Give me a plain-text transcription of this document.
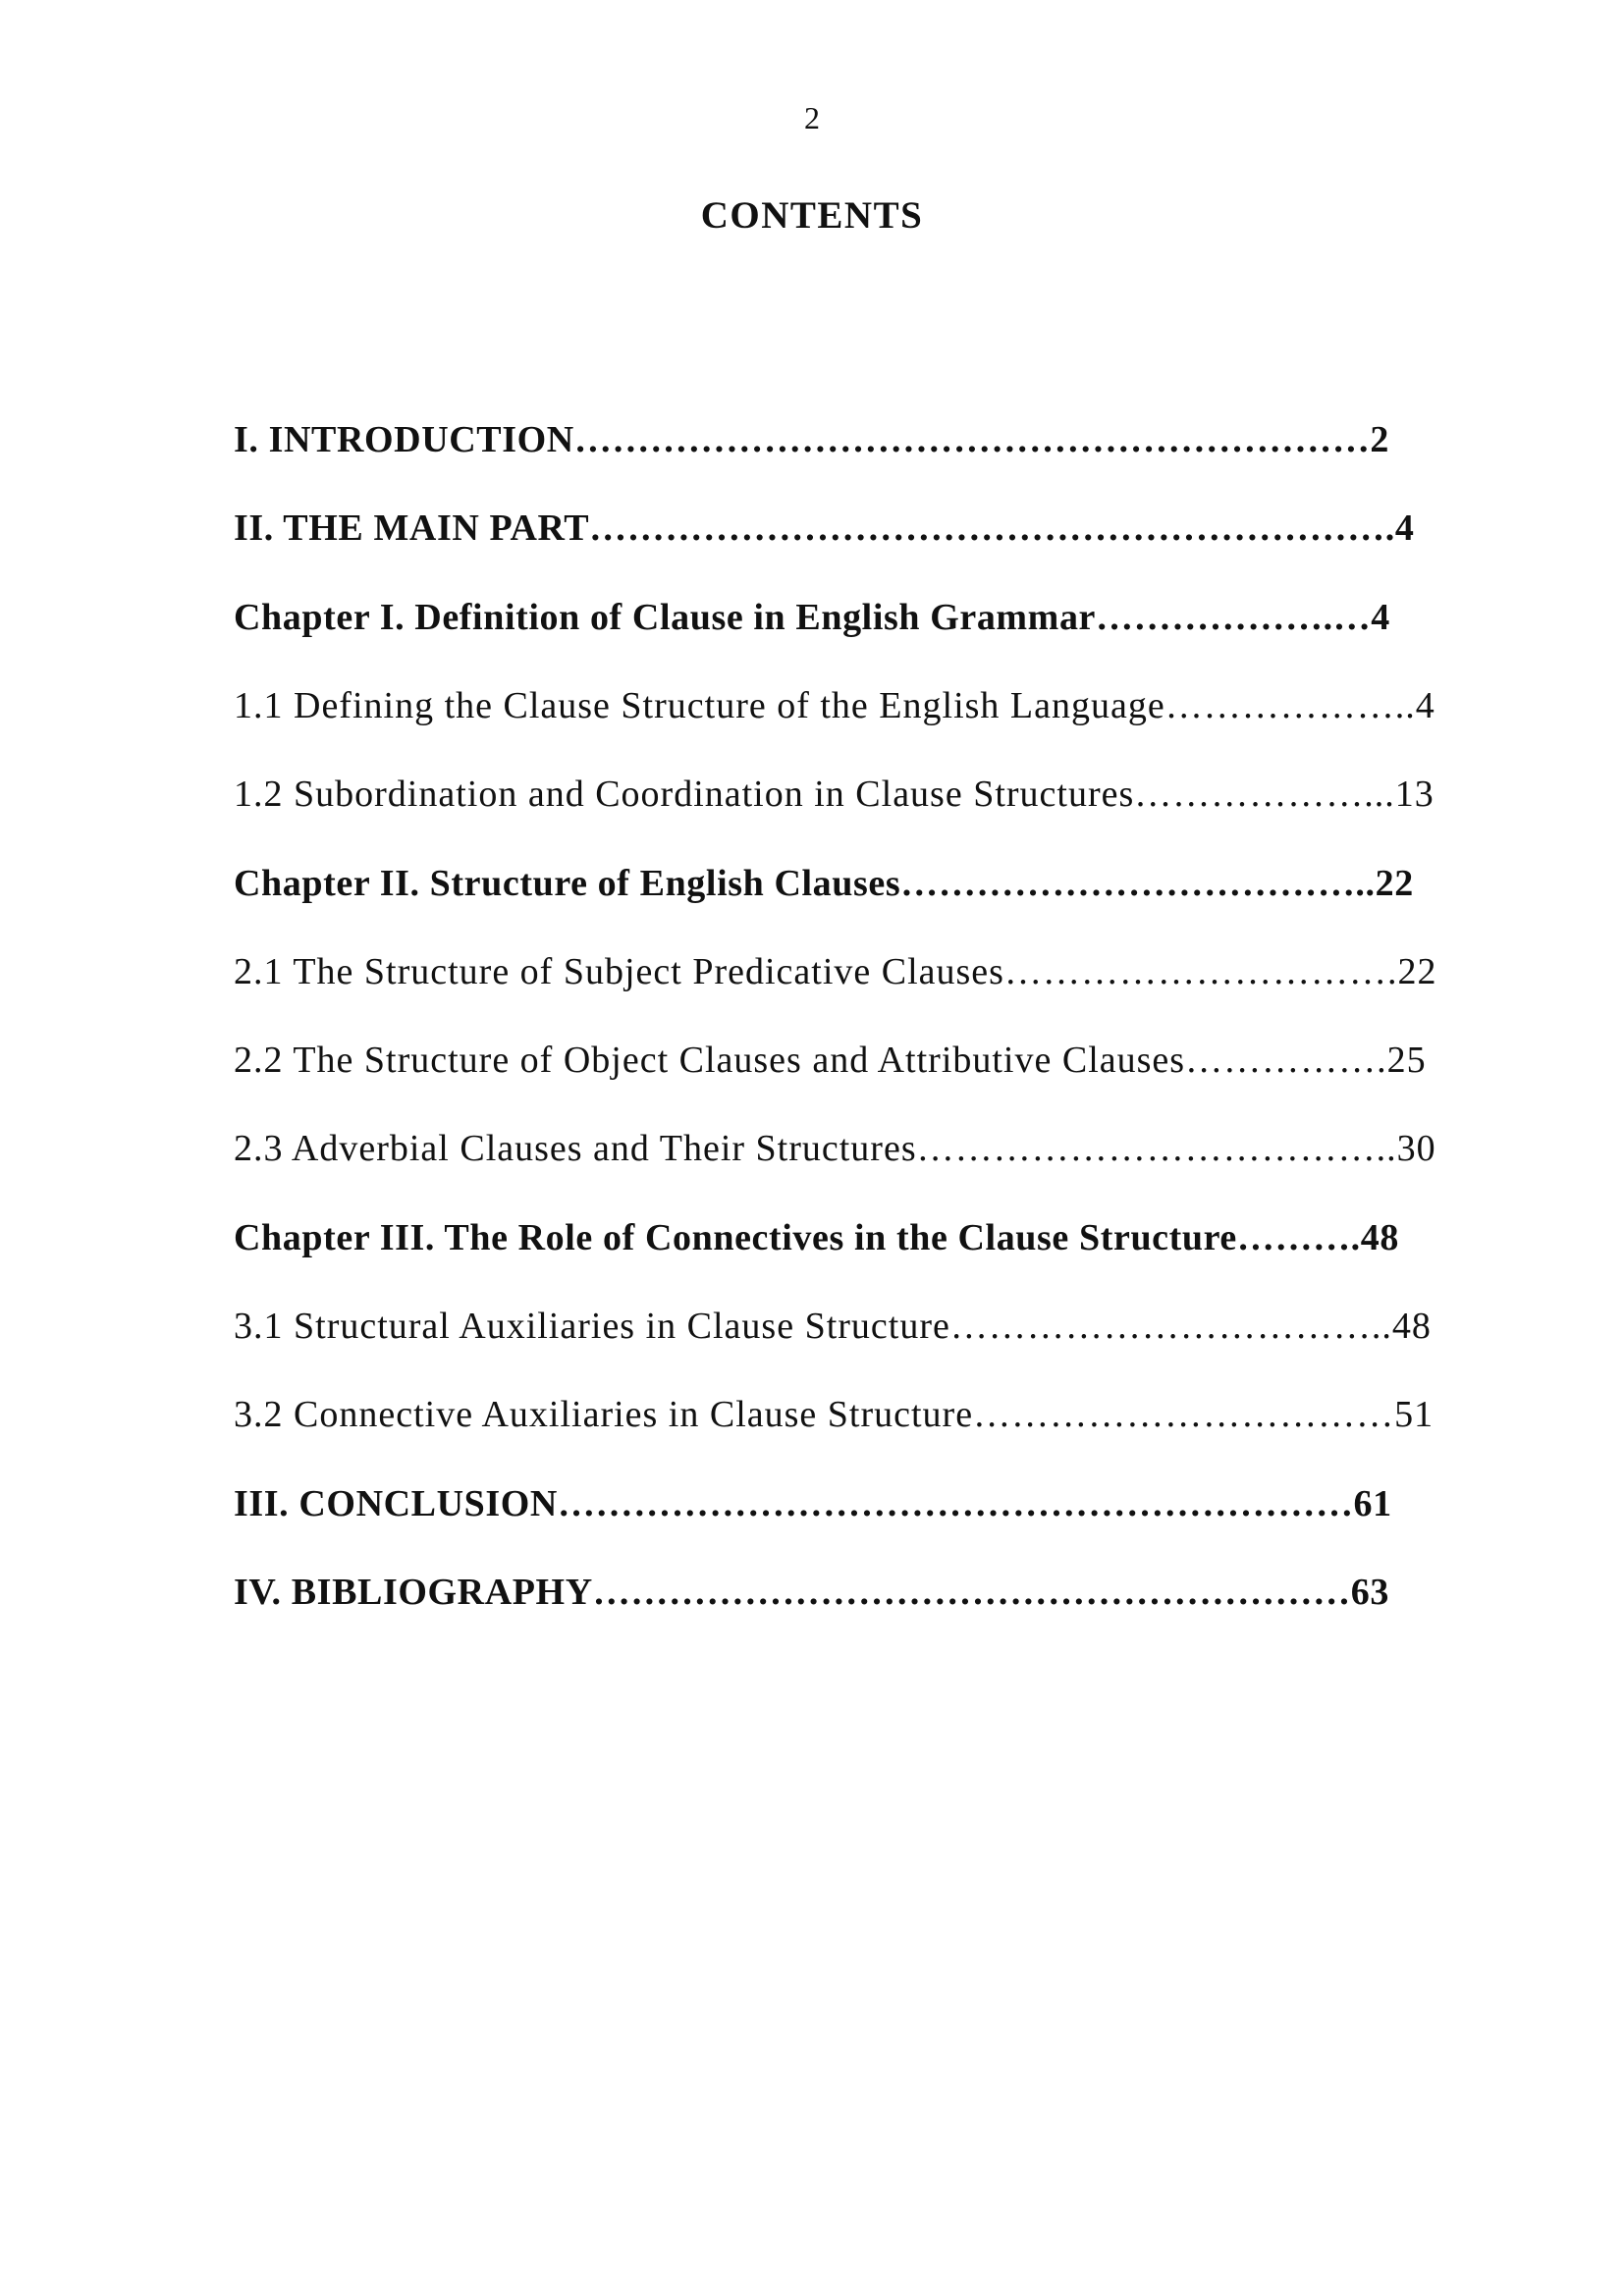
2
CONTENTS
I. INTRODUCTION………………………………………………………2
II. THE MAIN PART……………………………………………………….4
Chapter I. Definition of Clause in English Grammar……………….…4
1.1 Defining the Clause Structure of the English Language………………..4
1.2 Subordination and Coordination in Clause Structures………………...13
Chapter II. Structure of English Clauses………………………………..22
2.1 The Structure of Subject Predicative Clauses………………………….22
2.2 The Structure of Object Clauses and Attributive Clauses…………….25
2.3 Adverbial Clauses and Their Structures………………………………..30
Chapter III. The Role of Connectives in the Clause Structure……….48
3.1 Structural Auxiliaries in Clause Structure……………………………..48
3.2 Connective Auxiliaries in Clause Structure……………………………51
III. CONCLUSION………………………………………………………61
IV. BIBLIOGRAPHY……………………………………………………63
